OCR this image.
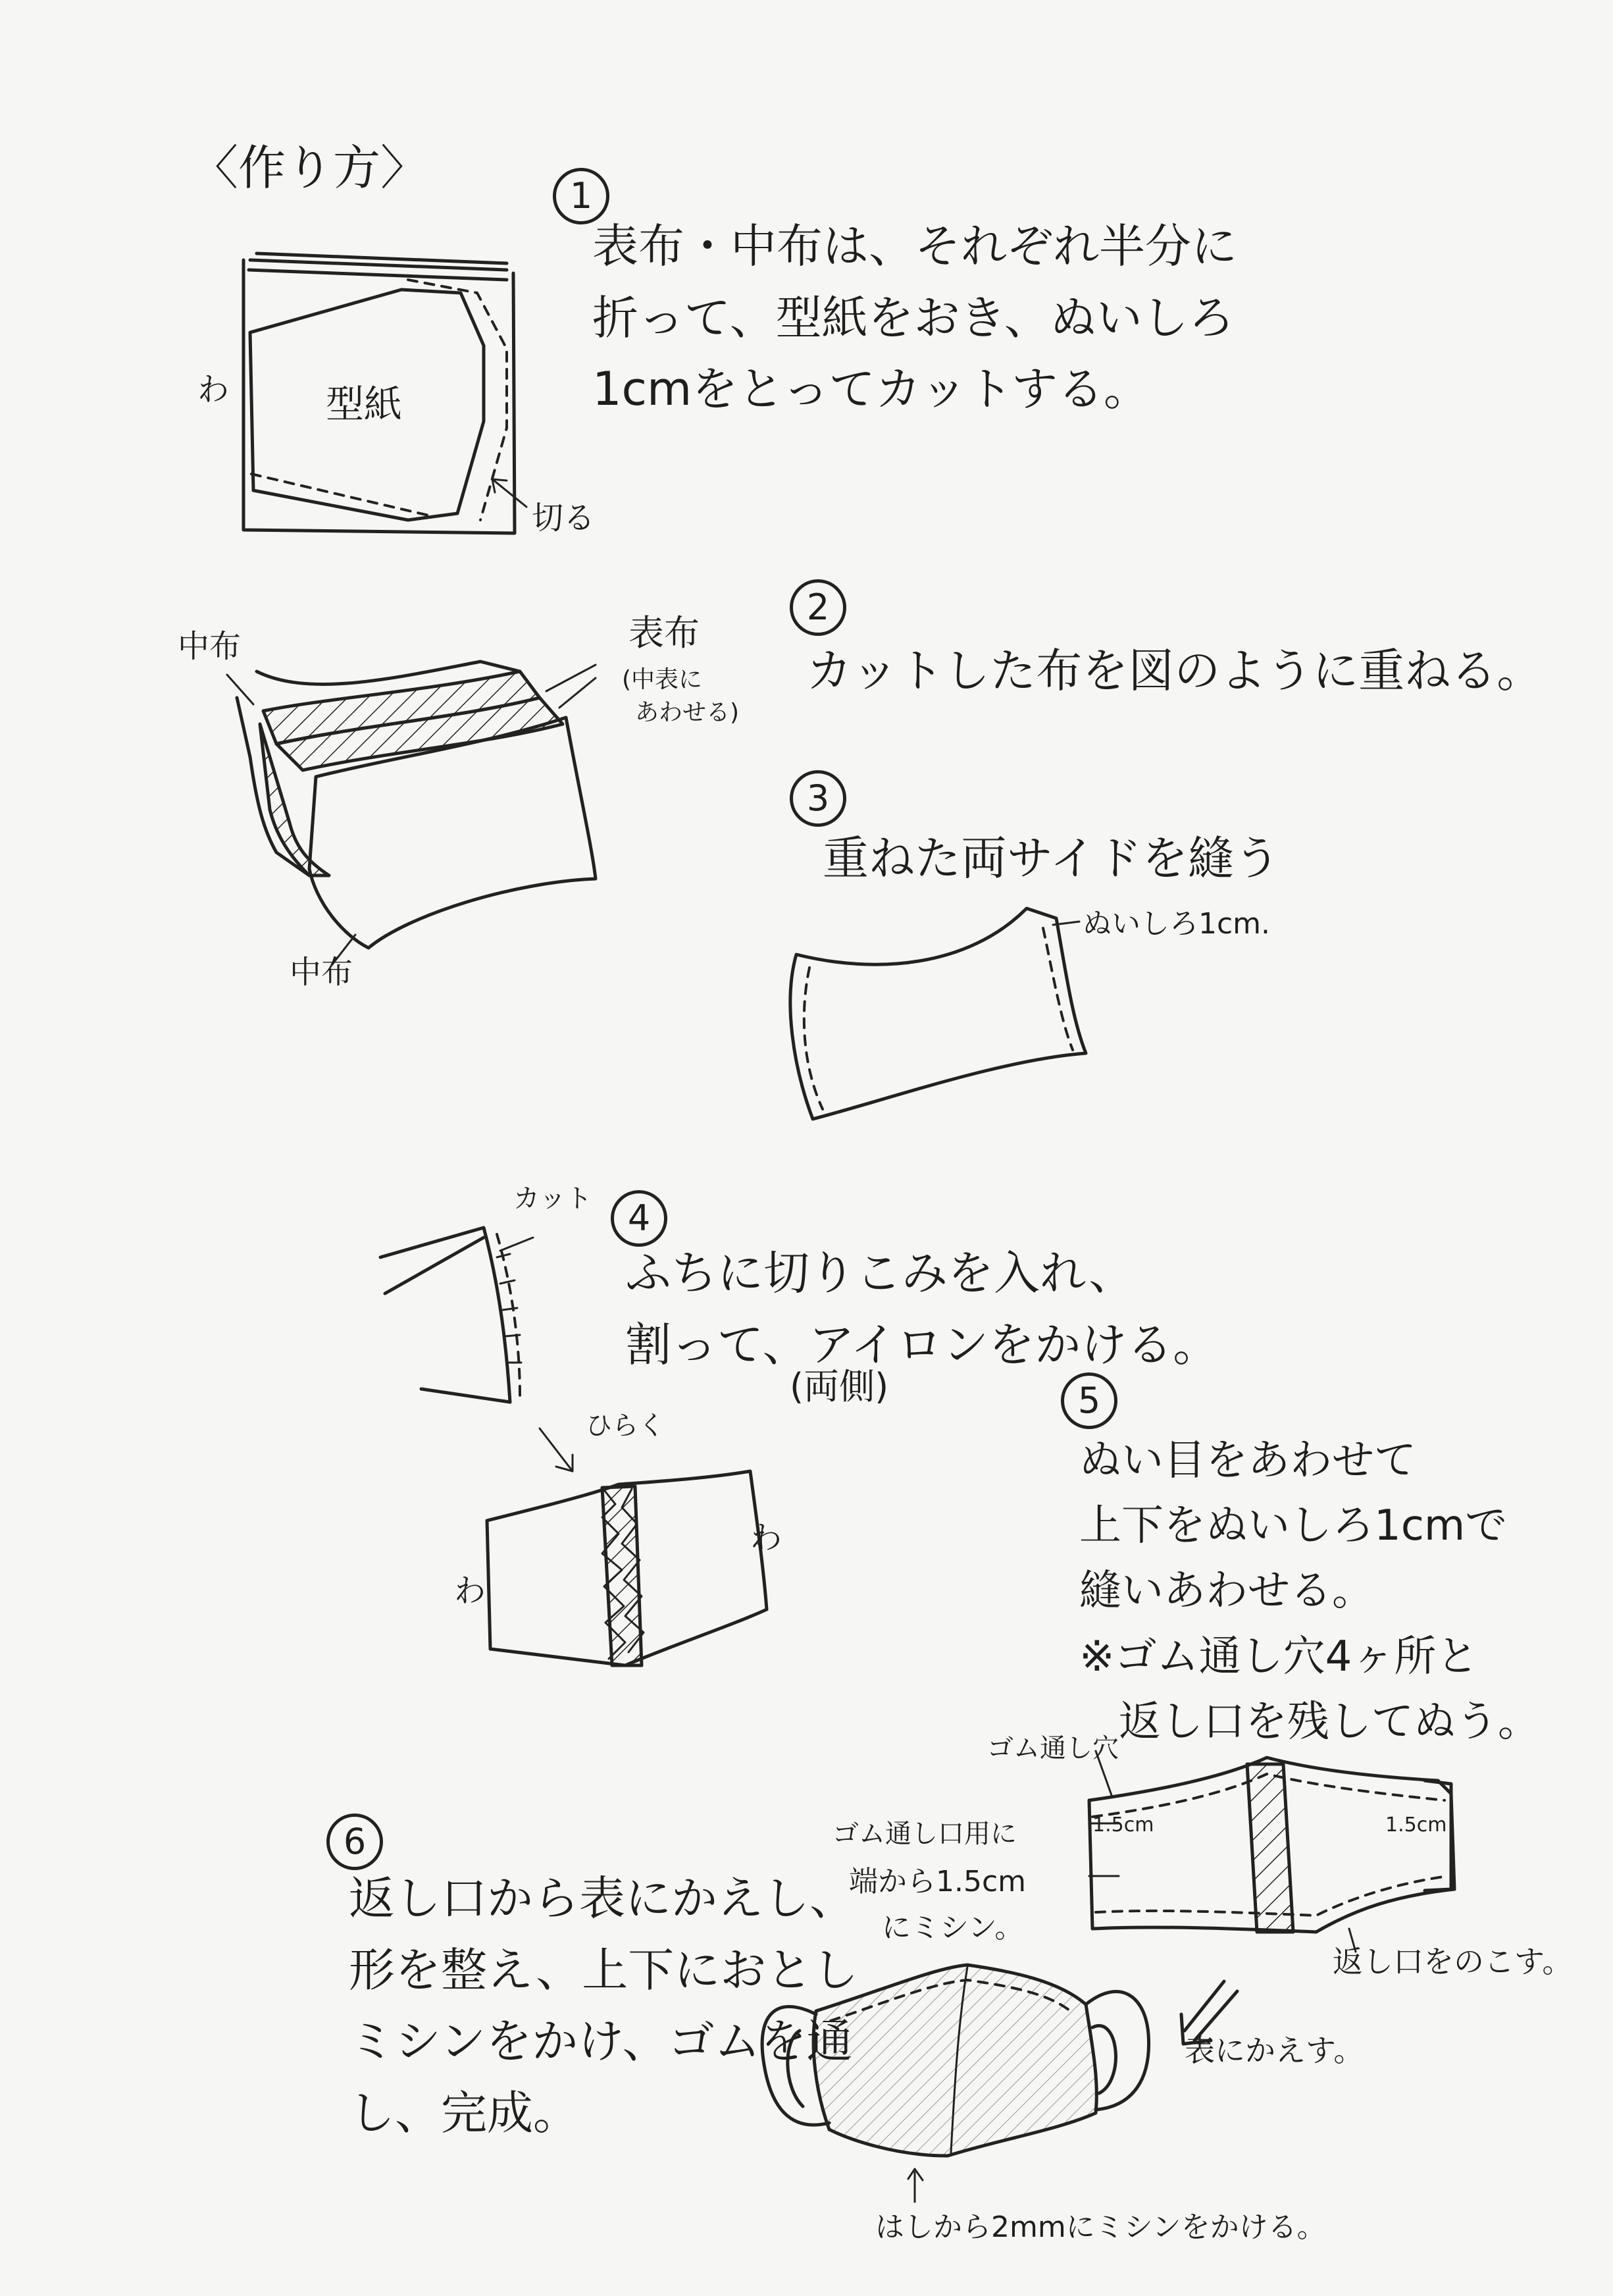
〈作り方〉
1
表布・中布は、それぞれ半分に
折って、型紙をおき、ぬいしろ
1cmをとってカットする。
型紙
わ
切る
2
カットした布を図のように重ねる。
中布	表布
(中表に
あわせる)
中布
3
重ねた両サイドを縫う
ぬいしろ1cm.
4
ふちに切りこみを入れ、
割って、アイロンをかける。
(両側)
カット
ひらく
わ
わ
5
ぬい目をあわせて
上下をぬいしろ1cmで
縫いあわせる。
※ゴム通し穴4ヶ所と
返し口を残してぬう。
ゴム通し穴
1.5cm	1.5cm
返し口をのこす。
表にかえす。
6
返し口から表にかえし、
形を整え、上下におとし
ミシンをかけ、ゴムを通
し、完成。
ゴム通し口用に
端から1.5cm
にミシン。
はしから2mmにミシンをかける。
